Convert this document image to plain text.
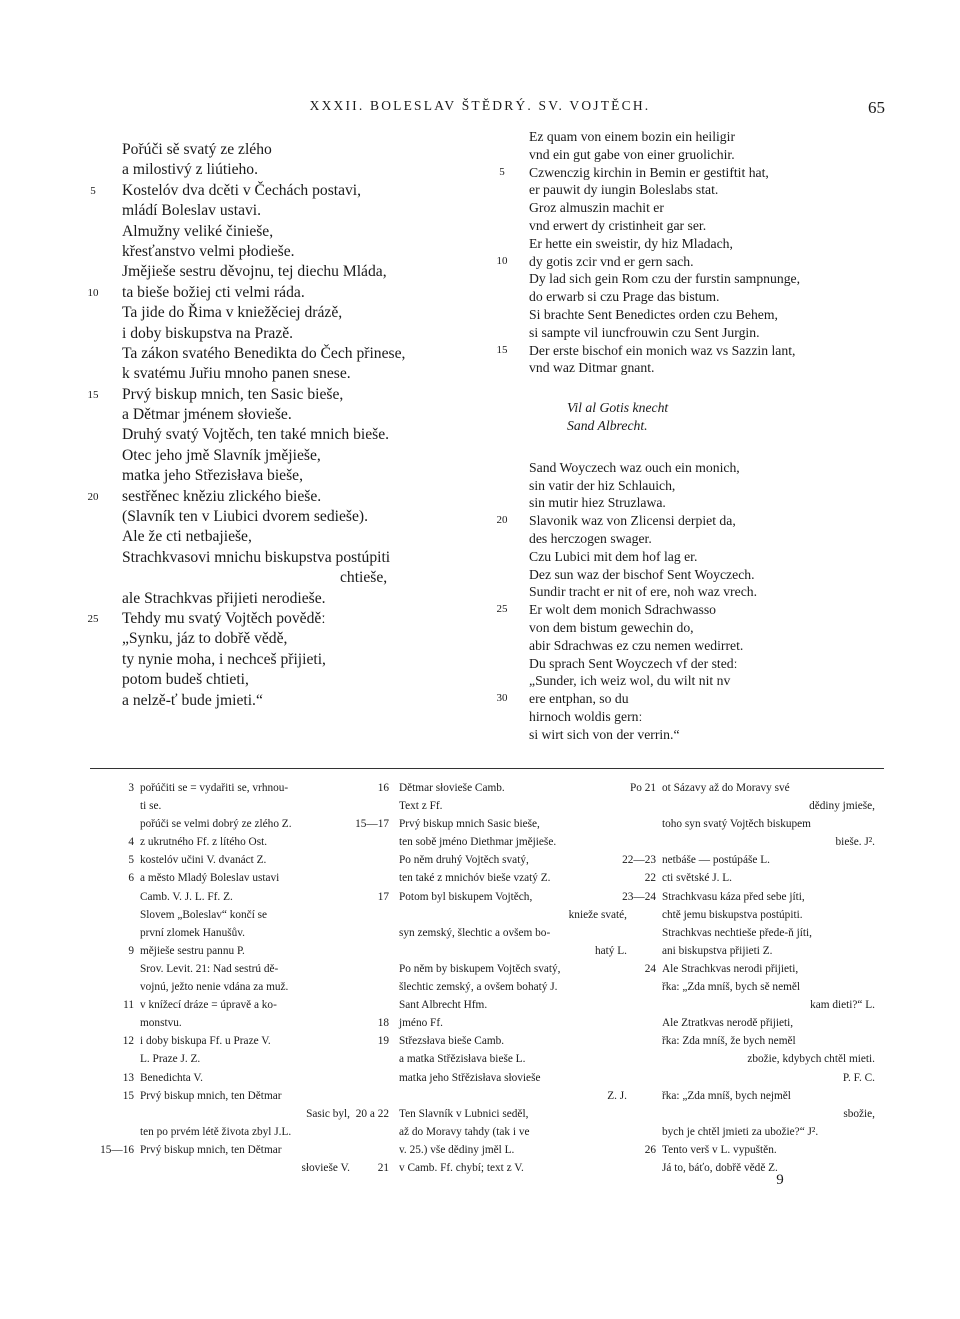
XXXII. BOLESLAV ŠTĚDRÝ. SV. VOJTĚCH.	65
Pořúči sě svatý ze zlého
a milostivý z liútieho.
5	Kostelóv dva dcěti v Čechách postavi,
mládí Boleslav ustavi.
Almužny veliké činieše,
křesťanstvo velmi płodieše.
Jmějieše sestru děvojnu, tej diechu Mláda,
10	ta bieše božiej cti velmi ráda.
Ta jide do Řima v kniežěciej drázě,
i doby biskupstva na Prazě.
Ta zákon svatého Benedikta do Čech přinese,
k svatému Juřiu mnoho panen snese.
15	Prvý biskup mnich, ten Sasic bieše,
a Dětmar jménem słovieše.
Druhý svatý Vojtěch, ten také mnich bieše.
Otec jeho jmě Slavník jmějieše,
matka jeho Střezisłava bieše,
20	sestřěnec kněziu zlického bieše.
(Slavník ten v Liubici dvorem sedieše).
Ale že cti netbajieše,
Strachkvasovi mnichu biskupstva postúpiti
chtieše,
ale Strachkvas přijieti nerodieše.
25	Tehdy mu svatý Vojtěch pověděː
„Synku, jáz to dobřě vědě,
ty nynie moha, i nechceš přijieti,
potom budeš chtieti,
a nelzě-ť bude jmieti.“
Ez quam von einem bozin ein heiligir
vnd ein gut gabe von einer gruolichir.
5	Czwenczig kirchin in Bemin er gestiftit hat,
er pauwit dy iungin Boleslabs stat.
Groz almuszin machit er
vnd erwert dy cristinheit gar ser.
Er hette ein sweistir, dy hiz Mladach,
10	dy gotis zcir vnd er gern sach.
Dy lad sich gein Rom czu der furstin sampnunge,
do erwarb si czu Prage das bistum.
Si brachte Sent Benedictes orden czu Behem,
si sampte vil iuncfrouwin czu Sent Jurgin.
15	Der erste bischof ein monich waz vs Sazzin lant,
vnd waz Ditmar gnant.
Vil al Gotis knecht
Sand Albrecht.
Sand Woyczech waz ouch ein monich,
sin vatir der hiz Schlauich,
sin mutir hiez Struzlawa.
20	Slavonik waz von Zlicensi derpiet da,
des herczogen swager.
Czu Lubici mit dem hof lag er.
Dez sun waz der bischof Sent Woyczech.
Sundir tracht er nit of ere, noh waz vrech.
25	Er wolt dem monich Sdrachwasso
von dem bistum gewechin do,
abir Sdrachwas ez czu nemen wedirret.
Du sprach Sent Woyczech vf der stedː
„Sunder, ich weiz wol, du wilt nit nv
30	ere entphan, so du
hirnoch woldis gernː
si wirt sich von der verrin.“
3 pořúčiti se = vydařiti se, vrhnou-
ti se.
pořúči se velmi dobrý ze zlého Z.
4 z ukrutného Ff. z lítého Ost.
5 kostelóv učini V. dvanáct Z.
6 a město Mladý Boleslav ustavi
Camb. V. J. L. Ff. Z.
Slovem „Boleslav“ končí se
první zlomek Hanušův.
9 mějieše sestru pannu P.
Srov. Levit. 21: Nad sestrú dě-
vojnú, ježto nenie vdána za muž.
11 v knížecí dráze = úpravě a ko-
monstvu.
12 i doby biskupa Ff. u Praze V.
L. Praze J. Z.
13 Benedichta V.
15 Prvý biskup mnich, ten Dětmar
Sasic byl,
ten po prvém létě života zbyl J.L.
15—16 Prvý biskup mnich, ten Dětmar
słovieše V.
16 Dětmar słovieše Camb.
Text z Ff.
15—17 Prvý biskup mnich Sasic bieše,
ten sobě jméno Diethmar jmějieše.
Po něm druhý Vojtěch svatý,
ten také z mnichóv bieše vzatý Z.
17 Potom byl biskupem Vojtěch,
knieže svaté,
syn zemský, šlechtic a ovšem bo-
hatý L.
Po něm by biskupem Vojtěch svatý,
šlechtic zemský, a ovšem bohatý J.
Sant Albrecht Hfm.
18 jméno Ff.
19 Střezsłava bieše Camb.
a matka Střězisłava bieše L.
matka jeho Střězisłava słovieše
Z. J.
20 a 22 Ten Slavník v Lubnici seděl,
až do Moravy tahdy (tak i ve
v. 25.) vše dědiny jměl L.
21 v Camb. Ff. chybí; text z V.
Po 21 ot Sázavy až do Moravy své
dědiny jmieše,
toho syn svatý Vojtěch biskupem
bieše. J².
22—23 netbáše — postúpáše L.
22 cti světské J. L.
23—24 Strachkvasu káza před sebe jíti,
chtě jemu biskupstva postúpiti.
Strachkvas nechtieše přede-ň jíti,
ani biskupstva přijieti Z.
24 Ale Strachkvas nerodi přijieti,
řka: „Zda mníš, bych sě neměl
kam dieti?“ L.
Ale Ztratkvas nerodě přijieti,
řka: Zda mníš, že bych neměl
zbožie, kdybych chtěl mieti.
P. F. C.
řka: „Zda mníš, bych nejměl
sbožie,
bych je chtěl jmieti za ubožie?“ J².
26 Tento verš v L. vypuštěn.
Já to, báťo, dobřě vědě Z.
9
